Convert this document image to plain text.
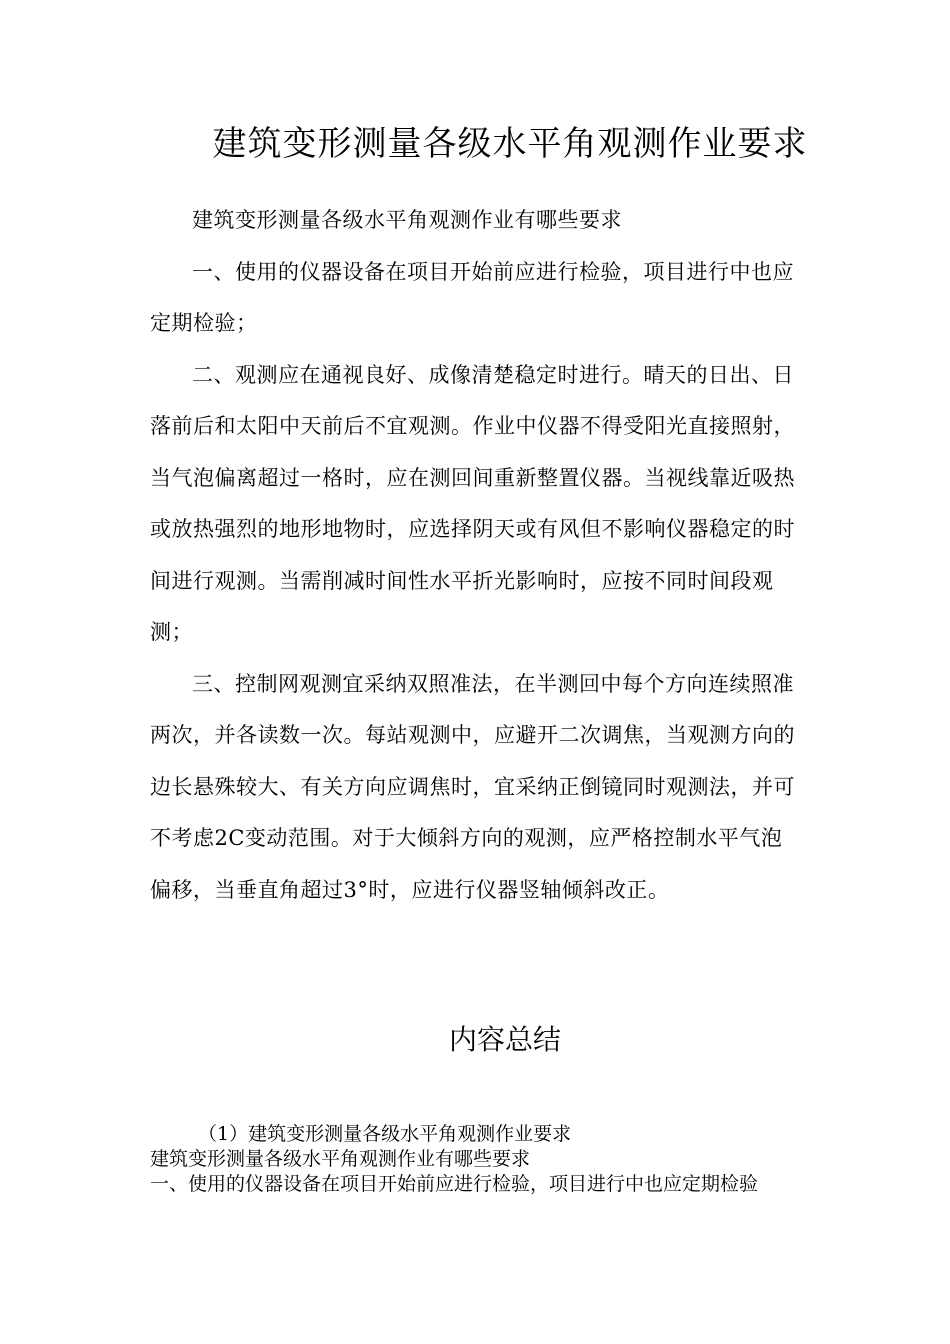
建筑变形测量各级水平角观测作业要求

建筑变形测量各级水平角观测作业有哪些要求

一、使用的仪器设备在项目开始前应进行检验，项目进行中也应定期检验；

二、观测应在通视良好、成像清楚稳定时进行。晴天的日出、日落前后和太阳中天前后不宜观测。作业中仪器不得受阳光直接照射，当气泡偏离超过一格时，应在测回间重新整置仪器。当视线靠近吸热或放热强烈的地形地物时，应选择阴天或有风但不影响仪器稳定的时间进行观测。当需削减时间性水平折光影响时，应按不同时间段观测；

三、控制网观测宜采纳双照准法，在半测回中每个方向连续照准两次，并各读数一次。每站观测中，应避开二次调焦，当观测方向的边长悬殊较大、有关方向应调焦时，宜采纳正倒镜同时观测法，并可不考虑2C变动范围。对于大倾斜方向的观测，应严格控制水平气泡偏移，当垂直角超过3°时，应进行仪器竖轴倾斜改正。

内容总结

（1）建筑变形测量各级水平角观测作业要求

建筑变形测量各级水平角观测作业有哪些要求

一、使用的仪器设备在项目开始前应进行检验，项目进行中也应定期检验
